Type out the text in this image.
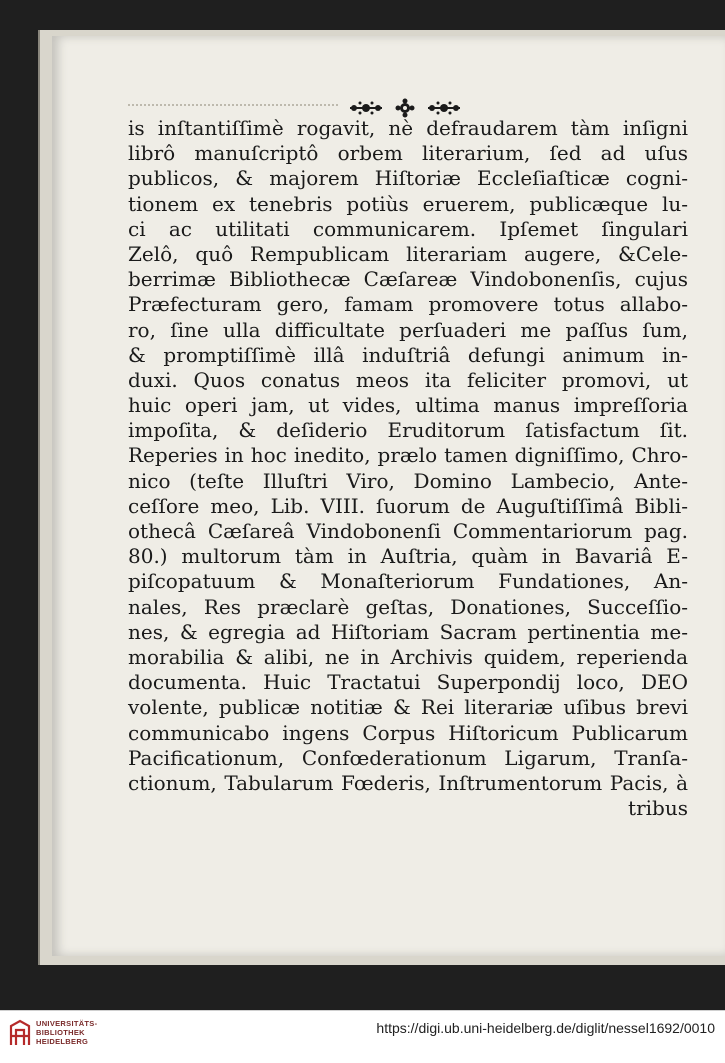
is inſtantiſſimè rogavit, nè defraudarem tàm inſigni
librô manuſcriptô orbem literarium, ſed ad uſus
publicos, & majorem Hiſtoriæ Eccleſiaſticæ cogni-
tionem ex tenebris potiùs eruerem, publicæque lu-
ci ac utilitati communicarem. Ipſemet ſingulari
Zelô, quô Rempublicam literariam augere, &Cele-
berrimæ Bibliothecæ Cæſareæ Vindobonenſis, cujus
Præfecturam gero, famam promovere totus allabo-
ro, ſine ulla difficultate perſuaderi me paſſus ſum,
& promptiſſimè illâ induſtriâ defungi animum in-
duxi. Quos conatus meos ita feliciter promovi, ut
huic operi jam, ut vides, ultima manus impreſſoria
impoſita, & deſiderio Eruditorum ſatisfactum ſit.
Reperies in hoc inedito, prælo tamen digniſſimo, Chro-
nico (teſte Illuſtri Viro, Domino Lambecio, Ante-
ceſſore meo, Lib. VIII. ſuorum de Auguſtiſſimâ Bibli-
othecâ Cæſareâ Vindobonenſi Commentariorum pag.
80.) multorum tàm in Auſtria, quàm in Bavariâ E-
piſcopatuum & Monaſteriorum Fundationes, An-
nales, Res præclarè geſtas, Donationes, Succeſſio-
nes, & egregia ad Hiſtoriam Sacram pertinentia me-
morabilia & alibi, ne in Archivis quidem, reperienda
documenta. Huic Tractatui Superpondij loco, DEO
volente, publicæ notitiæ & Rei literariæ uſibus brevi
communicabo ingens Corpus Hiſtoricum Publicarum
Pacificationum, Confœderationum Ligarum, Tranſa-
ctionum, Tabularum Fœderis, Inſtrumentorum Pacis, à
tribus
UNIVERSITÄTS-
BIBLIOTHEK
HEIDELBERG
https://digi.ub.uni-heidelberg.de/diglit/nessel1692/0010
